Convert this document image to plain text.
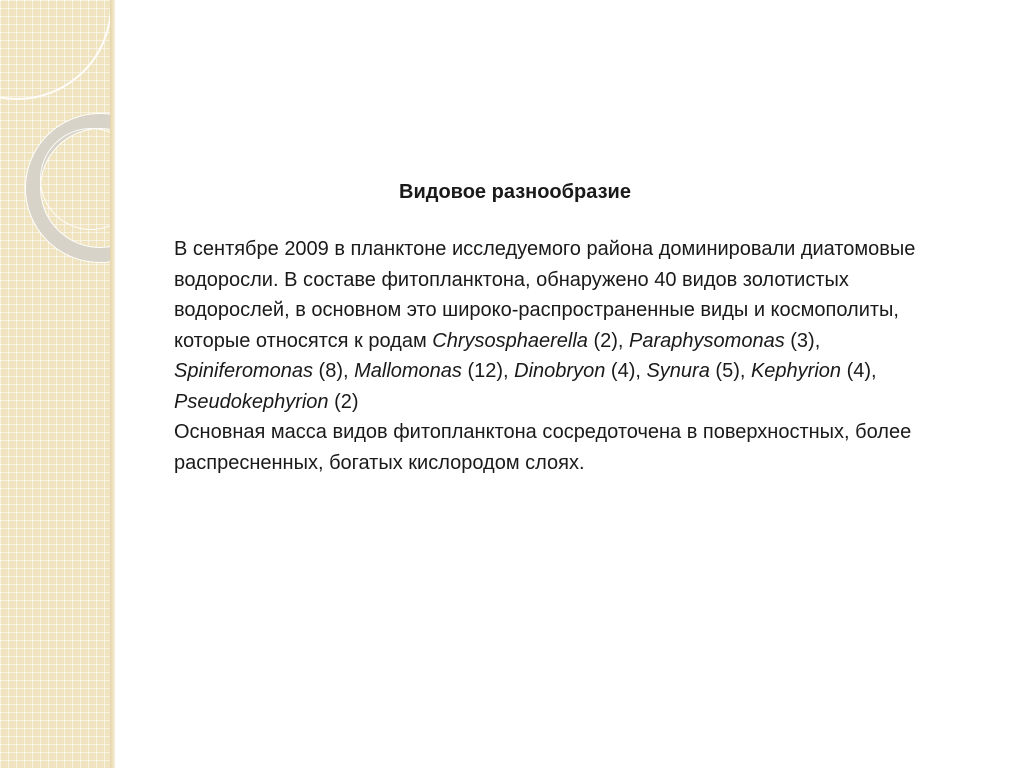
Видовое разнообразие

В сентябре 2009 в планктоне исследуемого района доминировали диатомовые водоросли. В составе фитопланктона, обнаружено 40 видов золотистых водорослей, в основном это широко-распространенные виды и космополиты, которые относятся к родам Chrysosphaerella (2), Paraphysomonas (3), Spiniferomonas (8), Mallomonas (12), Dinobryon (4), Synura (5), Kephyrion (4), Pseudokephyrion (2)
Основная масса видов фитопланктона сосредоточена в поверхностных, более распресненных, богатых кислородом слоях.
